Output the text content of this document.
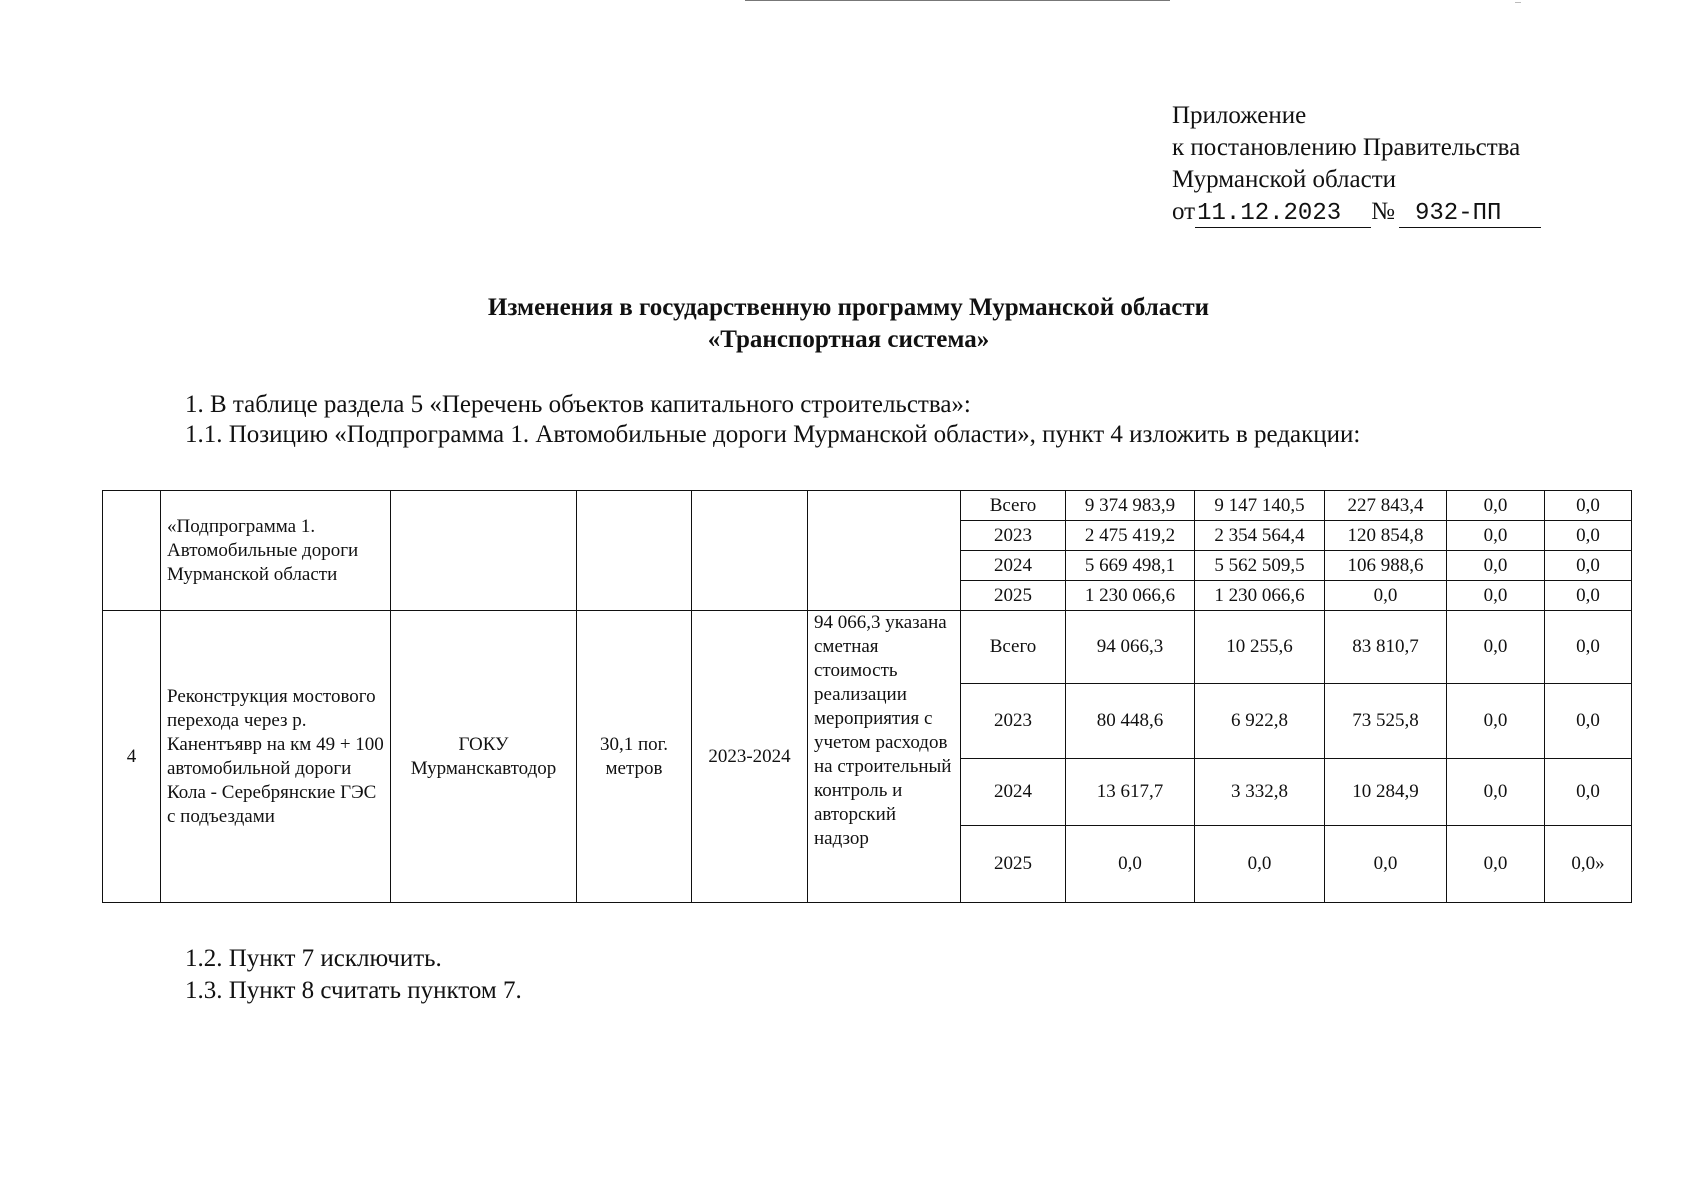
Приложение
к постановлению Правительства
Мурманской области
от11.12.2023 № 932-ПП
Изменения в государственную программу Мурманской области
«Транспортная система»
1. В таблице раздела 5 «Перечень объектов капитального строительства»:
1.1. Позицию «Подпрограмма 1. Автомобильные дороги Мурманской области», пункт 4 изложить в редакции:
	«Подпрограмма 1. Автомобильные дороги Мурманской области					Всего	9 374 983,9	9 147 140,5	227 843,4	0,0	0,0
						2023	2 475 419,2	2 354 564,4	120 854,8	0,0	0,0
						2024	5 669 498,1	5 562 509,5	106 988,6	0,0	0,0
						2025	1 230 066,6	1 230 066,6	0,0	0,0	0,0
4	Реконструкция мостового перехода через р. Канентъявр на км 49 + 100 автомобильной дороги Кола - Серебрянские ГЭС с подъездами	ГОКУ Мурманскавтодор	30,1 пог. метров	2023-2024	94 066,3 указана сметная стоимость реализации мероприятия с учетом расходов на строительный контроль и авторский надзор	Всего	94 066,3	10 255,6	83 810,7	0,0	0,0
						2023	80 448,6	6 922,8	73 525,8	0,0	0,0
						2024	13 617,7	3 332,8	10 284,9	0,0	0,0
						2025	0,0	0,0	0,0	0,0	0,0»
1.2. Пункт 7 исключить.
1.3. Пункт 8 считать пунктом 7.
